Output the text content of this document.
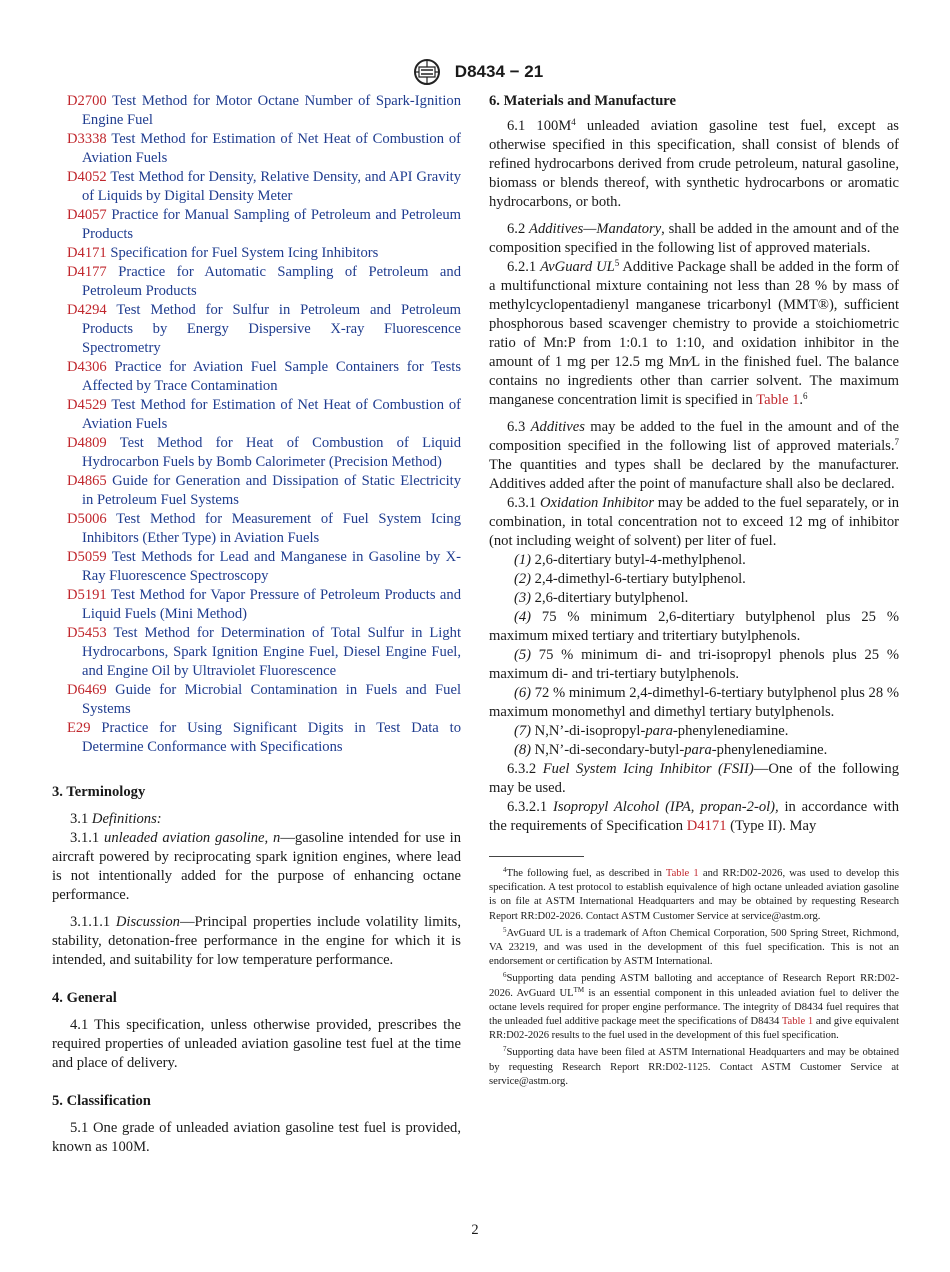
D8434 − 21
D2700 Test Method for Motor Octane Number of Spark-Ignition Engine Fuel
D3338 Test Method for Estimation of Net Heat of Combustion of Aviation Fuels
D4052 Test Method for Density, Relative Density, and API Gravity of Liquids by Digital Density Meter
D4057 Practice for Manual Sampling of Petroleum and Petroleum Products
D4171 Specification for Fuel System Icing Inhibitors
D4177 Practice for Automatic Sampling of Petroleum and Petroleum Products
D4294 Test Method for Sulfur in Petroleum and Petroleum Products by Energy Dispersive X-ray Fluorescence Spectrometry
D4306 Practice for Aviation Fuel Sample Containers for Tests Affected by Trace Contamination
D4529 Test Method for Estimation of Net Heat of Combustion of Aviation Fuels
D4809 Test Method for Heat of Combustion of Liquid Hydrocarbon Fuels by Bomb Calorimeter (Precision Method)
D4865 Guide for Generation and Dissipation of Static Electricity in Petroleum Fuel Systems
D5006 Test Method for Measurement of Fuel System Icing Inhibitors (Ether Type) in Aviation Fuels
D5059 Test Methods for Lead and Manganese in Gasoline by X-Ray Fluorescence Spectroscopy
D5191 Test Method for Vapor Pressure of Petroleum Products and Liquid Fuels (Mini Method)
D5453 Test Method for Determination of Total Sulfur in Light Hydrocarbons, Spark Ignition Engine Fuel, Diesel Engine Fuel, and Engine Oil by Ultraviolet Fluorescence
D6469 Guide for Microbial Contamination in Fuels and Fuel Systems
E29 Practice for Using Significant Digits in Test Data to Determine Conformance with Specifications
3. Terminology
3.1 Definitions:
3.1.1 unleaded aviation gasoline, n—gasoline intended for use in aircraft powered by reciprocating spark ignition engines, where lead is not intentionally added for the purpose of enhancing octane performance.
3.1.1.1 Discussion—Principal properties include volatility limits, stability, detonation-free performance in the engine for which it is intended, and suitability for low temperature performance.
4. General
4.1 This specification, unless otherwise provided, prescribes the required properties of unleaded aviation gasoline test fuel at the time and place of delivery.
5. Classification
5.1 One grade of unleaded aviation gasoline test fuel is provided, known as 100M.
6. Materials and Manufacture
6.1 $100M^4$ unleaded aviation gasoline test fuel, except as otherwise specified in this specification, shall consist of blends of refined hydrocarbons derived from crude petroleum, natural gasoline, biomass or blends thereof, with synthetic hydrocarbons or aromatic hydrocarbons, or both.
6.2 Additives—Mandatory, shall be added in the amount and of the composition specified in the following list of approved materials.
6.2.1 AvGuard $UL^5$ Additive Package shall be added in the form of a multifunctional mixture containing not less than 28 % by mass of methylcyclopentadienyl manganese tricarbonyl (MMT®), sufficient phosphorous based scavenger chemistry to provide a stoichiometric ratio of Mn:P from 1:0.1 to 1:10, and oxidation inhibitor in the amount of 1 mg per 12.5 mg Mn⁄L in the finished fuel. The balance contains no ingredients other than carrier solvent. The maximum manganese concentration limit is specified in Table 1.$^6$
6.3 Additives may be added to the fuel in the amount and of the composition specified in the following list of approved materials.$^7$ The quantities and types shall be declared by the manufacturer. Additives added after the point of manufacture shall also be declared.
6.3.1 Oxidation Inhibitor may be added to the fuel separately, or in combination, in total concentration not to exceed 12 mg of inhibitor (not including weight of solvent) per liter of fuel.
(1) 2,6-ditertiary butyl-4-methylphenol.
(2) 2,4-dimethyl-6-tertiary butylphenol.
(3) 2,6-ditertiary butylphenol.
(4) 75 % minimum 2,6-ditertiary butylphenol plus 25 % maximum mixed tertiary and tritertiary butylphenols.
(5) 75 % minimum di- and tri-isopropyl phenols plus 25 % maximum di- and tri-tertiary butylphenols.
(6) 72 % minimum 2,4-dimethyl-6-tertiary butylphenol plus 28 % maximum monomethyl and dimethyl tertiary butylphenols.
(7) N,N’-di-isopropyl-para-phenylenediamine.
(8) N,N’-di-secondary-butyl-para-phenylenediamine.
6.3.2 Fuel System Icing Inhibitor (FSII)—One of the following may be used.
6.3.2.1 Isopropyl Alcohol (IPA, propan-2-ol), in accordance with the requirements of Specification D4171 (Type II). May
$^4$The following fuel, as described in Table 1 and RR:D02-2026, was used to develop this specification. A test protocol to establish equivalence of high octane unleaded aviation gasoline is on file at ASTM International Headquarters and may be obtained by requesting Research Report RR:D02-2026. Contact ASTM Customer Service at service@astm.org.
$^5$AvGuard UL is a trademark of Afton Chemical Corporation, 500 Spring Street, Richmond, VA 23219, and was used in the development of this fuel specification. This is not an endorsement or certification by ASTM International.
$^6$Supporting data pending ASTM balloting and acceptance of Research Report RR:D02-2026. AvGuard UL™ is an essential component in this unleaded aviation fuel to deliver the octane levels required for proper engine performance. The integrity of D8434 fuel requires that the unleaded fuel additive package meet the specifications of D8434 Table 1 and give equivalent RR:D02-2026 results to the fuel used in the development of this fuel specification.
$^7$Supporting data have been filed at ASTM International Headquarters and may be obtained by requesting Research Report RR:D02-1125. Contact ASTM Customer Service at service@astm.org.
2
